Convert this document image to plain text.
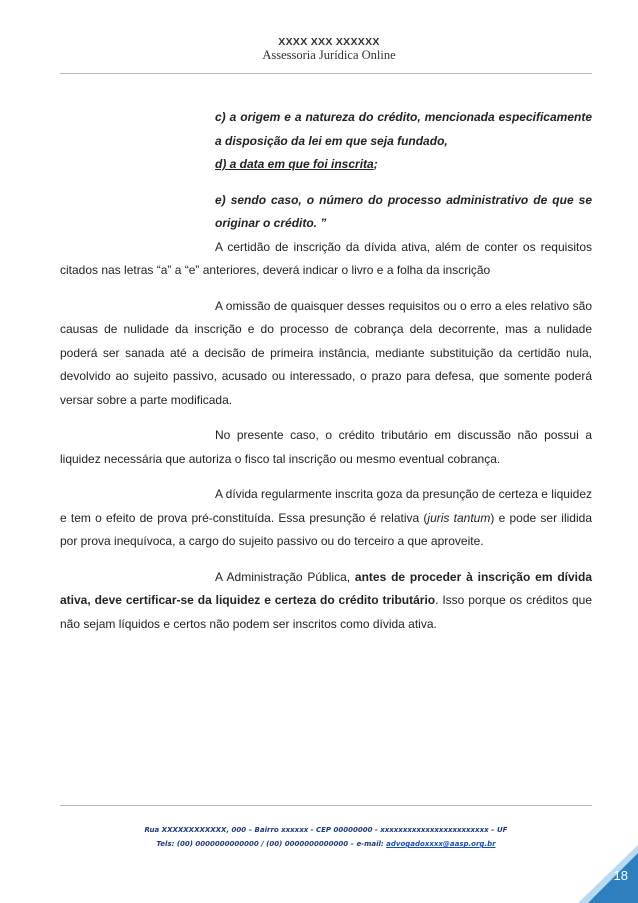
XXXX XXX XXXXXX
Assessoria Jurídica Online

c) a origem e a natureza do crédito, mencionada especificamente a disposição da lei em que seja fundado,

d) a data em que foi inscrita;

e) sendo caso, o número do processo administrativo de que se originar o crédito. ”

A certidão de inscrição da dívida ativa, além de conter os requisitos citados nas letras “a” a “e” anteriores, deverá indicar o livro e a folha da inscrição

A omissão de quaisquer desses requisitos ou o erro a eles relativo são causas de nulidade da inscrição e do processo de cobrança dela decorrente, mas a nulidade poderá ser sanada até a decisão de primeira instância, mediante substituição da certidão nula, devolvido ao sujeito passivo, acusado ou interessado, o prazo para defesa, que somente poderá versar sobre a parte modificada.

No presente caso, o crédito tributário em discussão não possui a liquidez necessária que autoriza o fisco tal inscrição ou mesmo eventual cobrança.

A dívida regularmente inscrita goza da presunção de certeza e liquidez e tem o efeito de prova pré-constituída. Essa presunção é relativa (juris tantum) e pode ser ilidida por prova inequívoca, a cargo do sujeito passivo ou do terceiro a que aproveite.

A Administração Pública, antes de proceder à inscrição em dívida ativa, deve certificar-se da liquidez e certeza do crédito tributário. Isso porque os créditos que não sejam líquidos e certos não podem ser inscritos como dívida ativa.

Rua XXXXXXXXXXXX, 000 – Bairro xxxxxx - CEP 00000000 - xxxxxxxxxxxxxxxxxxxxxxxx – UF
Tels: (00) 0000000000000 / (00) 0000000000000 – e-mail: advogadoxxxx@aasp.org.br
18
